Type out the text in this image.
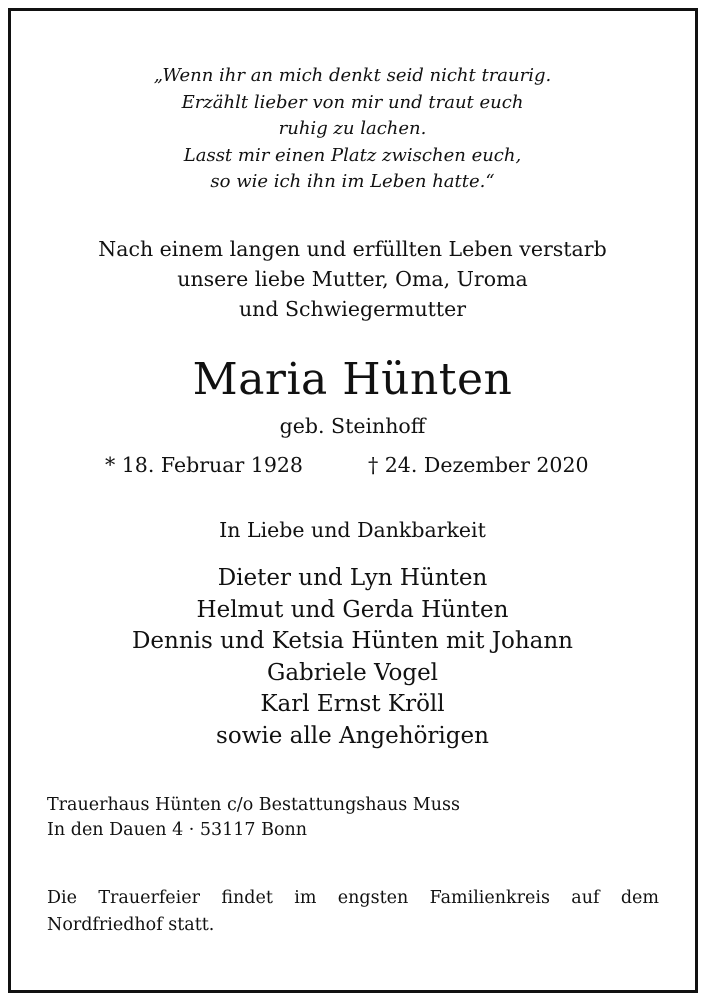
„Wenn ihr an mich denkt seid nicht traurig.
Erzählt lieber von mir und traut euch
ruhig zu lachen.
Lasst mir einen Platz zwischen euch,
so wie ich ihn im Leben hatte.“
Nach einem langen und erfüllten Leben verstarb
unsere liebe Mutter, Oma, Uroma
und Schwiegermutter
Maria Hünten
geb. Steinhoff
* 18. Februar 1928	† 24. Dezember 2020
In Liebe und Dankbarkeit
Dieter und Lyn Hünten
Helmut und Gerda Hünten
Dennis und Ketsia Hünten mit Johann
Gabriele Vogel
Karl Ernst Kröll
sowie alle Angehörigen
Trauerhaus Hünten c/o Bestattungshaus Muss
In den Dauen 4 · 53117 Bonn
Die Trauerfeier findet im engsten Familienkreis auf dem Nordfriedhof statt.
